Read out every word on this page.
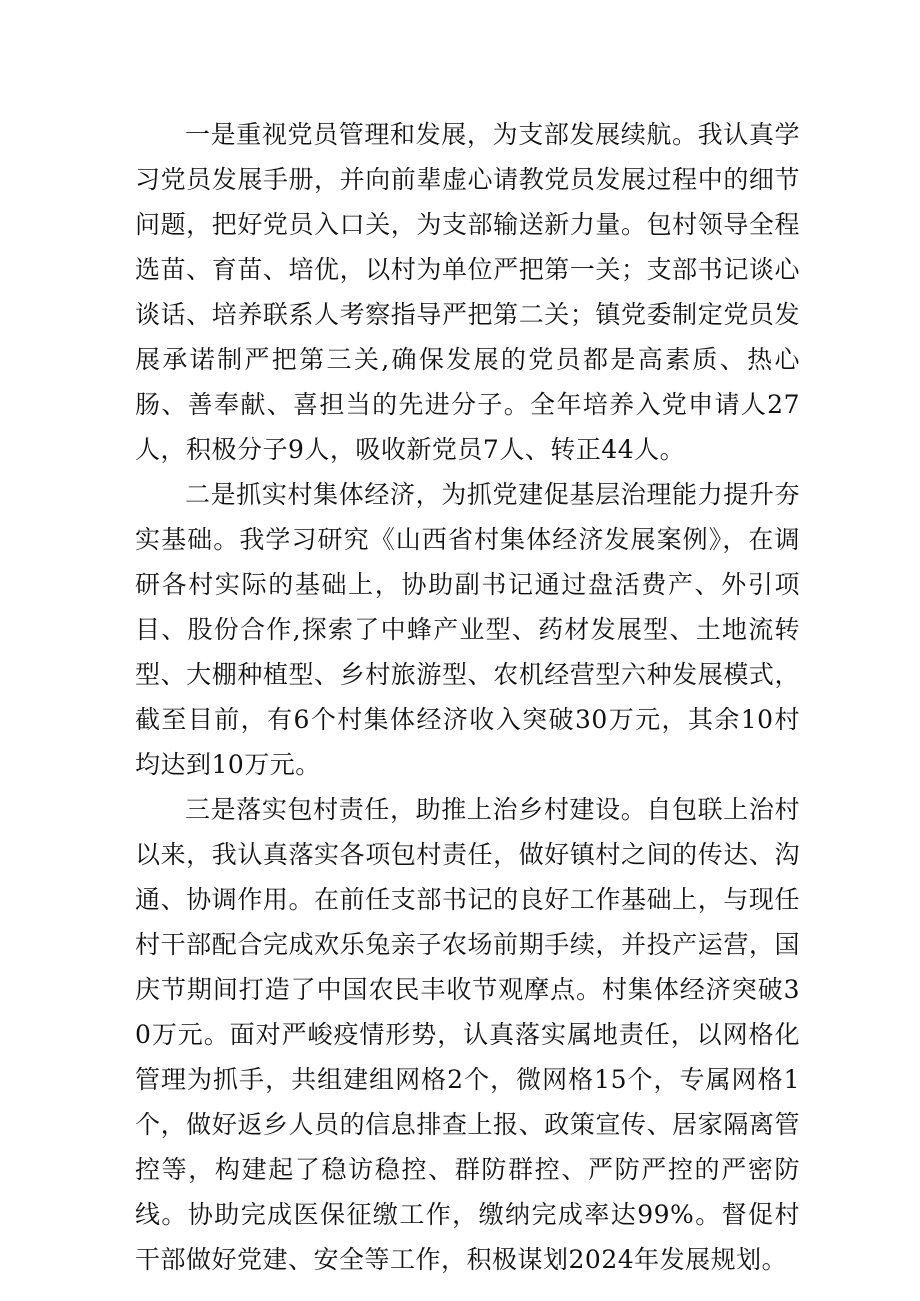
一是重视党员管理和发展，为支部发展续航。我认真学习党员发展手册，并向前辈虚心请教党员发展过程中的细节问题，把好党员入口关，为支部输送新力量。包村领导全程选苗、育苗、培优，以村为单位严把第一关；支部书记谈心谈话、培养联系人考察指导严把第二关；镇党委制定党员发展承诺制严把第三关,确保发展的党员都是高素质、热心肠、善奉献、喜担当的先进分子。全年培养入党申请人27人，积极分子9人，吸收新党员7人、转正44人。

二是抓实村集体经济，为抓党建促基层治理能力提升夯实基础。我学习研究《山西省村集体经济发展案例》，在调研各村实际的基础上，协助副书记通过盘活费产、外引项目、股份合作,探索了中蜂产业型、药材发展型、土地流转型、大棚种植型、乡村旅游型、农机经营型六种发展模式，截至目前，有6个村集体经济收入突破30万元，其余10村均达到10万元。

三是落实包村责任，助推上治乡村建设。自包联上治村以来，我认真落实各项包村责任，做好镇村之间的传达、沟通、协调作用。在前任支部书记的良好工作基础上，与现任村干部配合完成欢乐兔亲子农场前期手续，并投产运营，国庆节期间打造了中国农民丰收节观摩点。村集体经济突破30万元。面对严峻疫情形势，认真落实属地责任，以网格化管理为抓手，共组建组网格2个，微网格15个，专属网格1个，做好返乡人员的信息排查上报、政策宣传、居家隔离管控等，构建起了稳访稳控、群防群控、严防严控的严密防线。协助完成医保征缴工作，缴纳完成率达99%。督促村干部做好党建、安全等工作，积极谋划2024年发展规划。
